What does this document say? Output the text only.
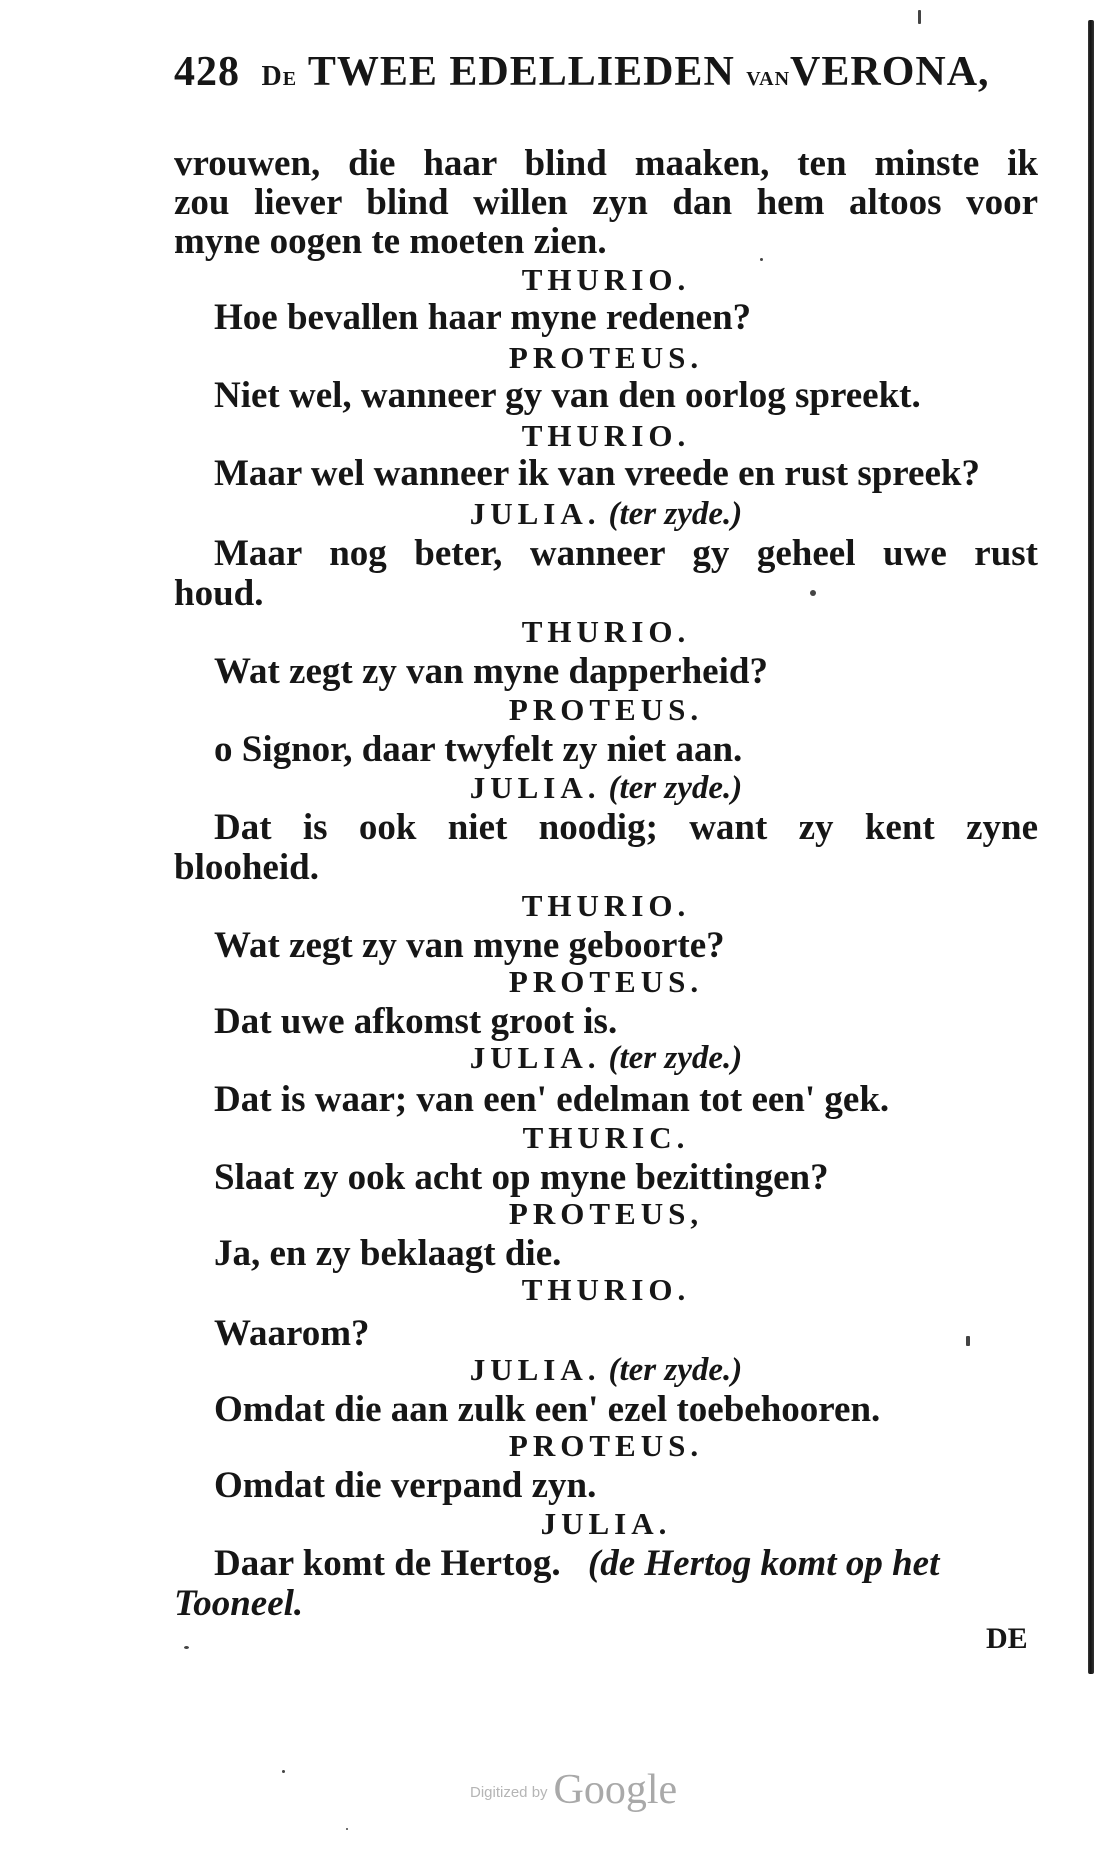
428 De TWEE EDELLIEDEN vanVERONA,
vrouwen, die haar blind maaken, ten minste ik
zou liever blind willen zyn dan hem altoos voor
myne oogen te moeten zien.
THURIO.
Hoe bevallen haar myne redenen?
PROTEUS.
Niet wel, wanneer gy van den oorlog spreekt.
THURIO.
Maar wel wanneer ik van vreede en rust spreek?
JULIA. (ter zyde.)
Maar nog beter, wanneer gy geheel uwe rust
houd.
THURIO.
Wat zegt zy van myne dapperheid?
PROTEUS.
o Signor, daar twyfelt zy niet aan.
JULIA. (ter zyde.)
Dat is ook niet noodig; want zy kent zyne
blooheid.
THURIO.
Wat zegt zy van myne geboorte?
PROTEUS.
Dat uwe afkomst groot is.
JULIA. (ter zyde.)
Dat is waar; van een' edelman tot een' gek.
THURIC.
Slaat zy ook acht op myne bezittingen?
PROTEUS,
Ja, en zy beklaagt die.
THURIO.
Waarom?
JULIA. (ter zyde.)
Omdat die aan zulk een' ezel toebehooren.
PROTEUS.
Omdat die verpand zyn.
JULIA.
Daar komt de Hertog. (de Hertog komt op het
Tooneel.
DE
Digitized by Google
